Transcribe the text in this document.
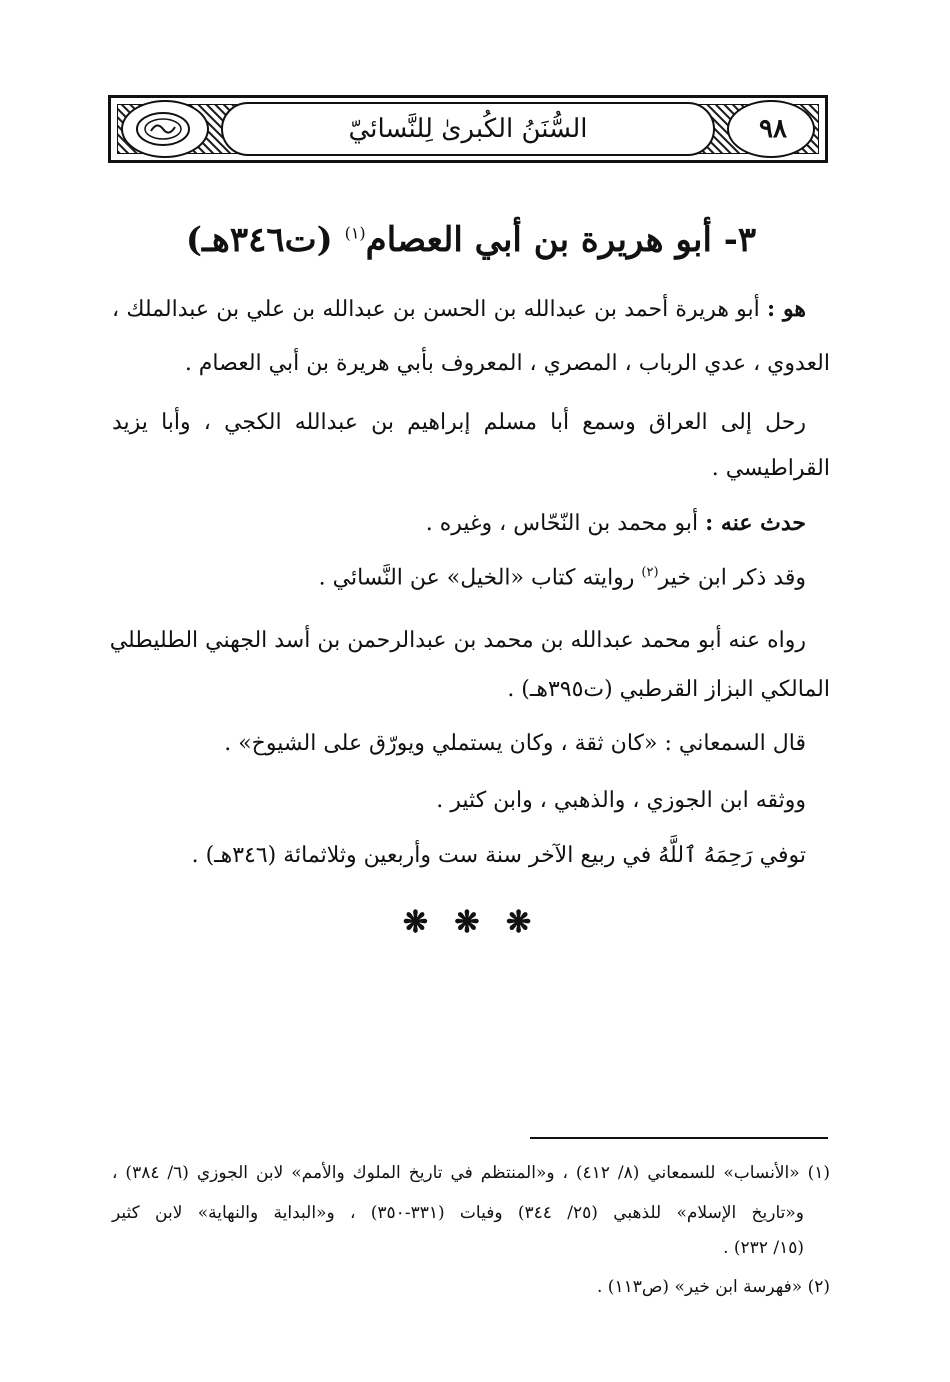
السُّنَنُ الكُبرىٰ لِلنَّسائيّ	٩٨
٣- أبو هريرة بن أبي العصام$^{(١)}$ (ت٣٤٦هـ)
هو : أبو هريرة أحمد بن عبدالله بن الحسن بن عبدالله بن علي بن عبدالملك ،
العدوي ، عدي الرباب ، المصري ، المعروف بأبي هريرة بن أبي العصام .
رحل إلى العراق وسمع أبا مسلم إبراهيم بن عبدالله الكجي ، وأبا يزيد
القراطيسي .
حدث عنه : أبو محمد بن النّحّاس ، وغيره .
وقد ذكر ابن خير$^{(٢)}$ روايته كتاب «الخيل» عن النَّسائي .
رواه عنه أبو محمد عبدالله بن محمد بن عبدالرحمن بن أسد الجهني الطليطلي
المالكي البزاز القرطبي (ت٣٩٥هـ) .
قال السمعاني : «كان ثقة ، وكان يستملي ويورّق على الشيوخ» .
ووثقه ابن الجوزي ، والذهبي ، وابن كثير .
توفي رَحِمَهُ ٱللَّهُ في ربيع الآخر سنة ست وأربعين وثلاثمائة (٣٤٦هـ) .
❋ ❋ ❋
(١) «الأنساب» للسمعاني (٨/ ٤١٢) ، و«المنتظم في تاريخ الملوك والأمم» لابن الجوزي (٦/ ٣٨٤) ،
و«تاريخ الإسلام» للذهبي (٢٥/ ٣٤٤) وفيات (٣٣١-٣٥٠) ، و«البداية والنهاية» لابن كثير
(١٥/ ٢٣٢) .
(٢) «فهرسة ابن خير» (ص١١٣) .
